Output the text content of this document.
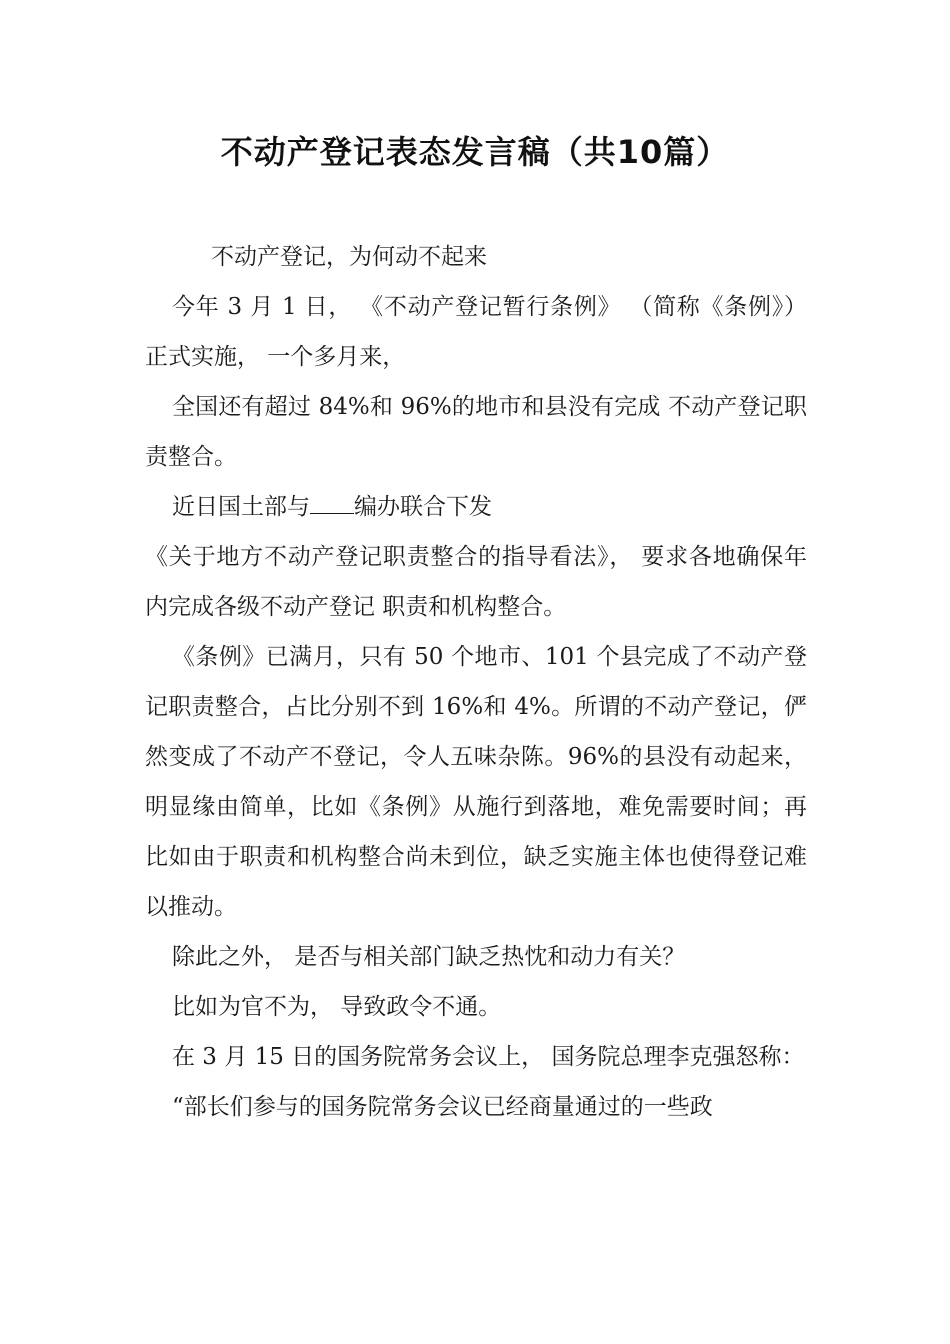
不动产登记表态发言稿（共10篇）

不动产登记，为何动不起来

今年 3 月 1 日， 《不动产登记暂行条例》 （简称《条例》）正式实施， 一个多月来，

全国还有超过 84%和 96%的地市和县没有完成 不动产登记职责整合。

近日国土部与 编办联合下发

《关于地方不动产登记职责整合的指导看法》， 要求各地确保年内完成各级不动产登记 职责和机构整合。

《条例》已满月，只有 50 个地市、101 个县完成了不动产登记职责整合，占比分别不到 16%和 4%。所谓的不动产登记，俨然变成了不动产不登记，令人五味杂陈。96%的县没有动起来，明显缘由简单，比如《条例》从施行到落地，难免需要时间；再比如由于职责和机构整合尚未到位，缺乏实施主体也使得登记难以推动。

除此之外， 是否与相关部门缺乏热忱和动力有关？

比如为官不为， 导致政令不通。

在 3 月 15 日的国务院常务会议上， 国务院总理李克强怒称：

“部长们参与的国务院常务会议已经商量通过的一些政
